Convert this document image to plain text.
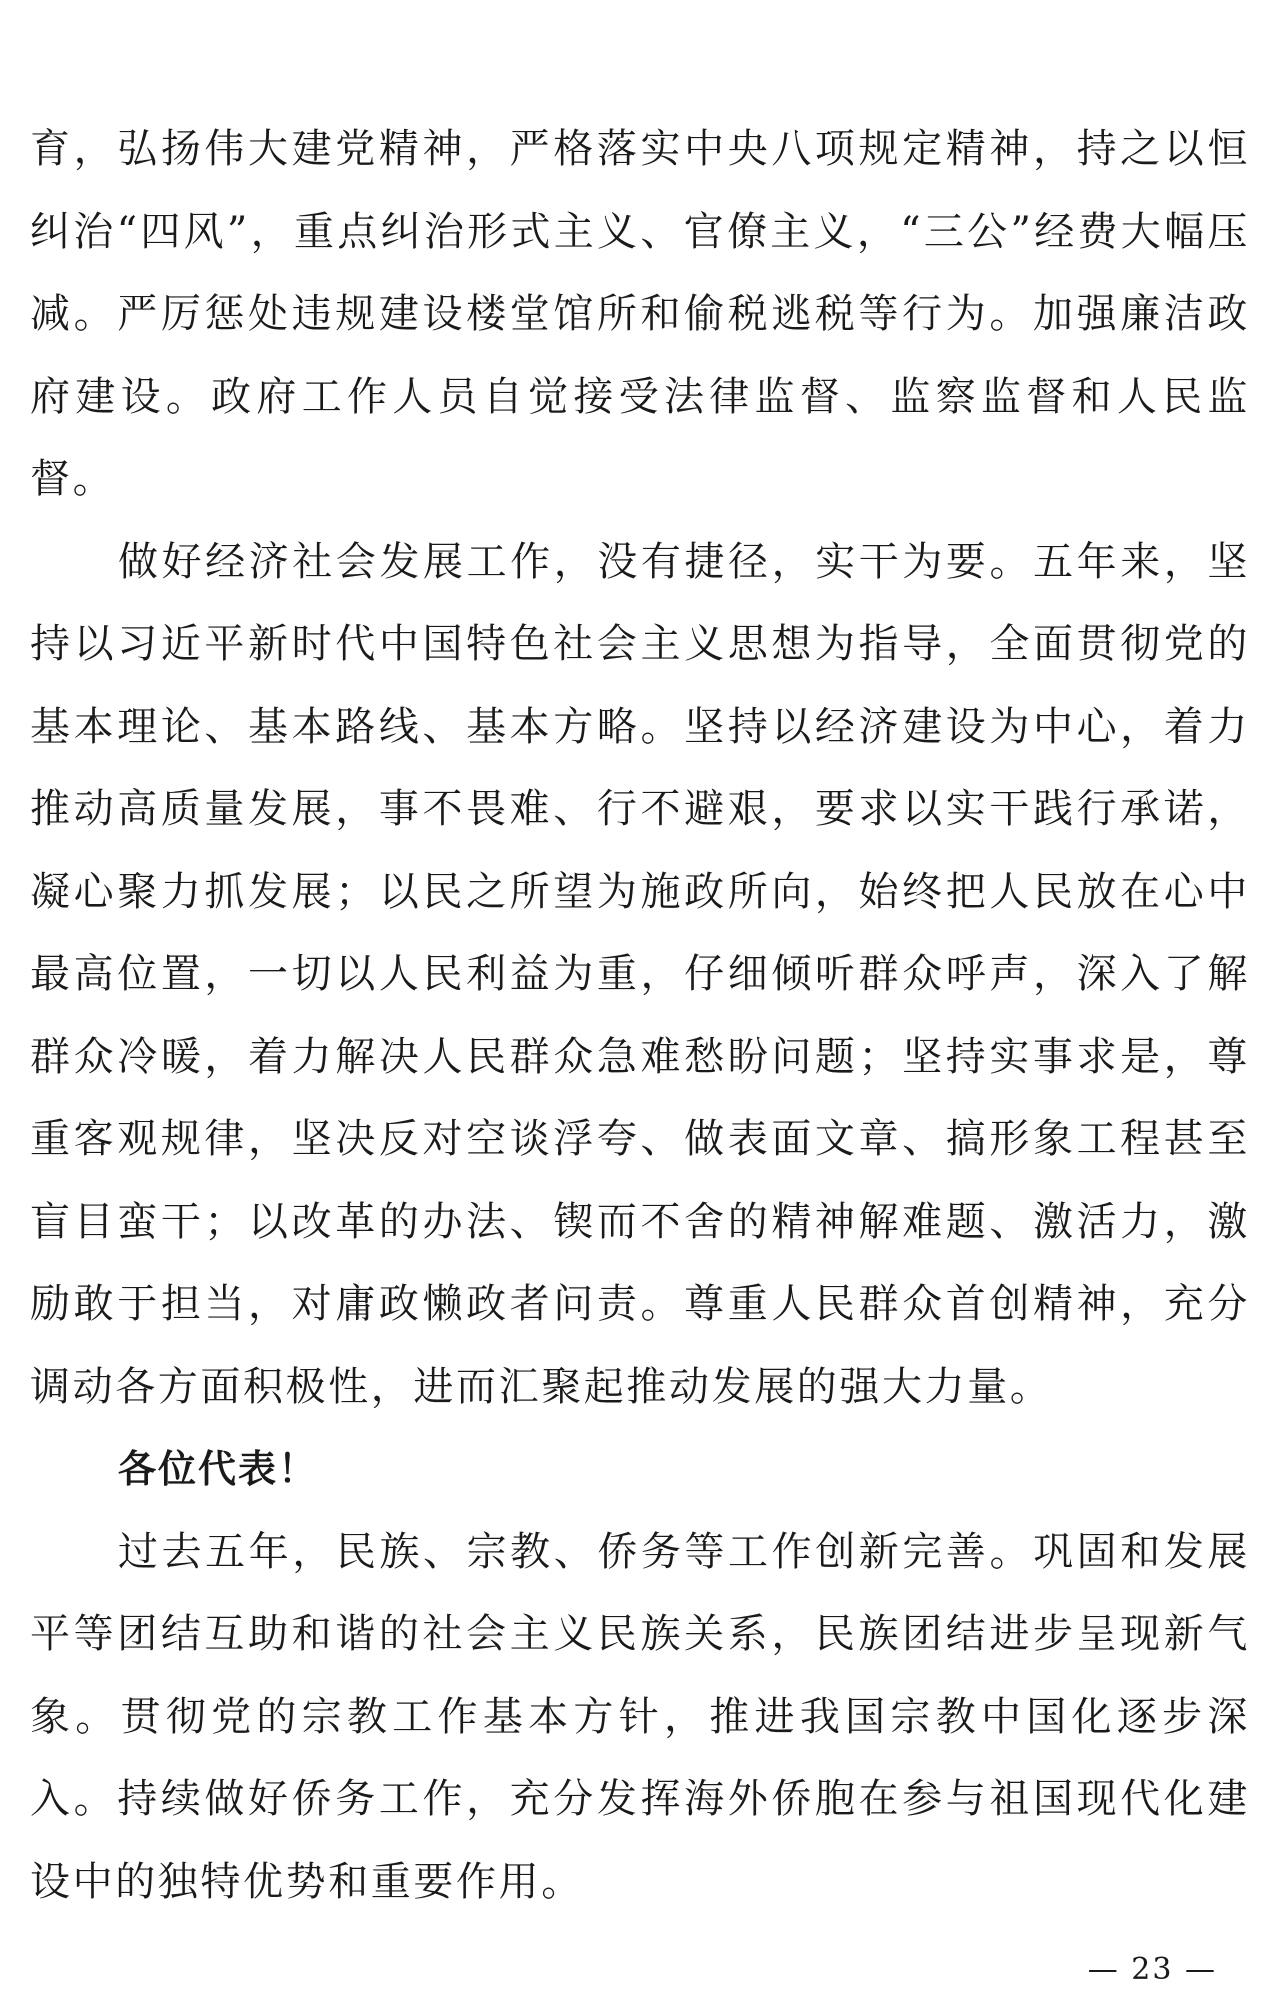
育，弘扬伟大建党精神，严格落实中央八项规定精神，持之以恒纠治“四风”，重点纠治形式主义、官僚主义，“三公”经费大幅压减。严厉惩处违规建设楼堂馆所和偷税逃税等行为。加强廉洁政府建设。政府工作人员自觉接受法律监督、监察监督和人民监督。

做好经济社会发展工作，没有捷径，实干为要。五年来，坚持以习近平新时代中国特色社会主义思想为指导，全面贯彻党的基本理论、基本路线、基本方略。坚持以经济建设为中心，着力推动高质量发展，事不畏难、行不避艰，要求以实干践行承诺，凝心聚力抓发展；以民之所望为施政所向，始终把人民放在心中最高位置，一切以人民利益为重，仔细倾听群众呼声，深入了解群众冷暖，着力解决人民群众急难愁盼问题；坚持实事求是，尊重客观规律，坚决反对空谈浮夸、做表面文章、搞形象工程甚至盲目蛮干；以改革的办法、锲而不舍的精神解难题、激活力，激励敢于担当，对庸政懒政者问责。尊重人民群众首创精神，充分调动各方面积极性，进而汇聚起推动发展的强大力量。

各位代表！

过去五年，民族、宗教、侨务等工作创新完善。巩固和发展平等团结互助和谐的社会主义民族关系，民族团结进步呈现新气象。贯彻党的宗教工作基本方针，推进我国宗教中国化逐步深入。持续做好侨务工作，充分发挥海外侨胞在参与祖国现代化建设中的独特优势和重要作用。

— 23 —
